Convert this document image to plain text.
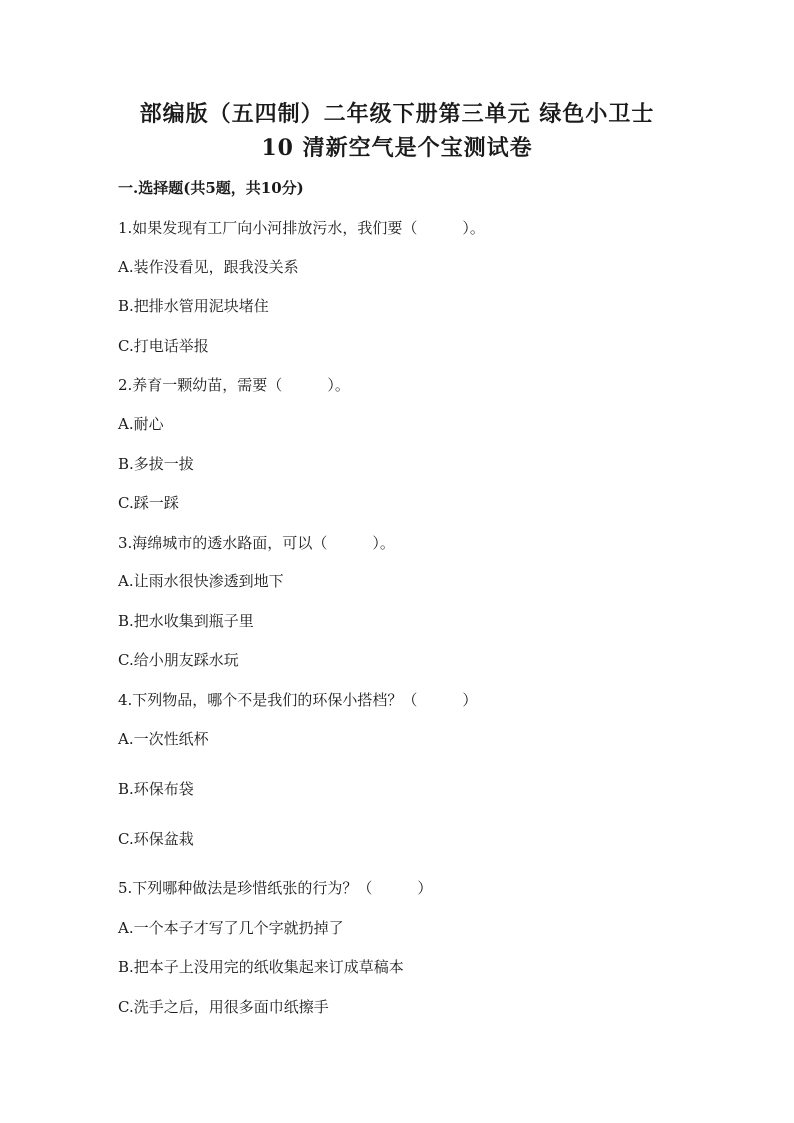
部编版（五四制）二年级下册第三单元 绿色小卫士
10 清新空气是个宝测试卷
一.选择题(共5题，共10分)
1.如果发现有工厂向小河排放污水，我们要（　　　）。
A.装作没看见，跟我没关系
B.把排水管用泥块堵住
C.打电话举报
2.养育一颗幼苗，需要（　　　）。
A.耐心
B.多拔一拔
C.踩一踩
3.海绵城市的透水路面，可以（　　　）。
A.让雨水很快渗透到地下
B.把水收集到瓶子里
C.给小朋友踩水玩
4.下列物品，哪个不是我们的环保小搭档？（　　　）
A.一次性纸杯
B.环保布袋
C.环保盆栽
5.下列哪种做法是珍惜纸张的行为？（　　　）
A.一个本子才写了几个字就扔掉了
B.把本子上没用完的纸收集起来订成草稿本
C.洗手之后，用很多面巾纸擦手
